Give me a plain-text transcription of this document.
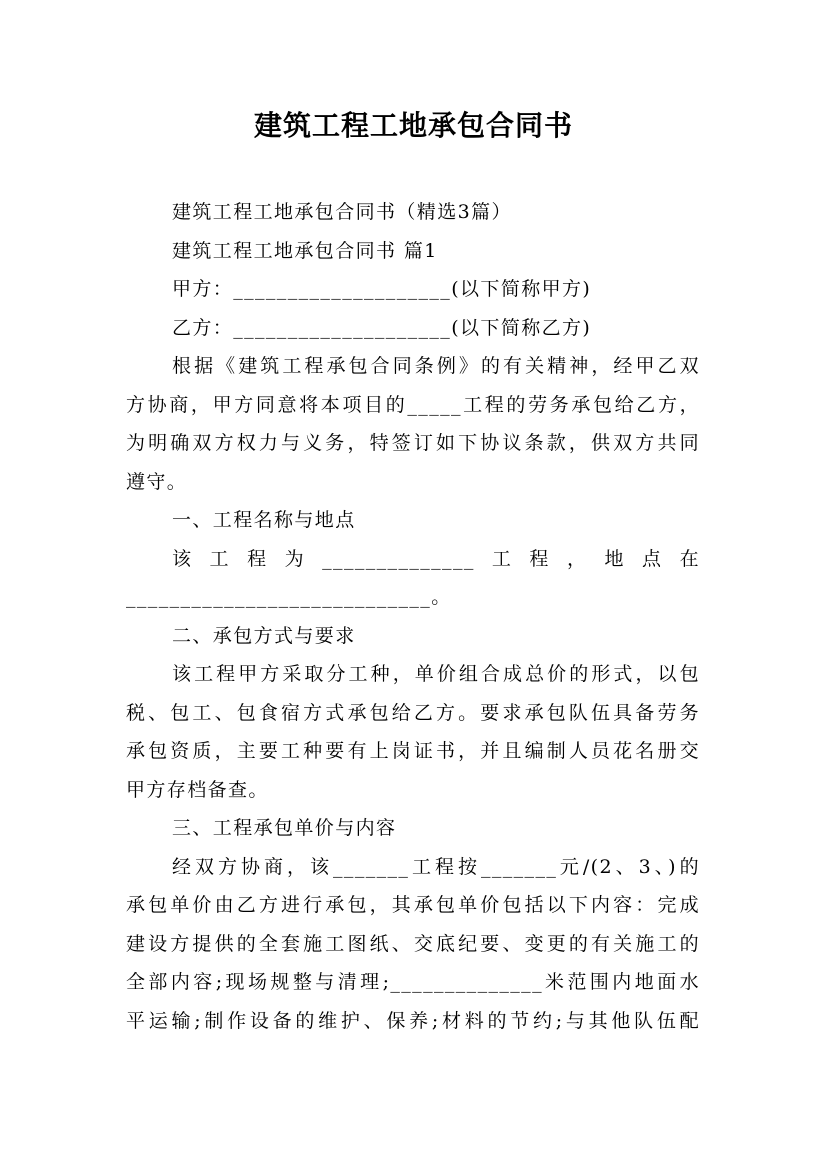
建筑工程工地承包合同书
建筑工程工地承包合同书（精选3篇）
建筑工程工地承包合同书 篇1
甲方：____________________(以下简称甲方)
乙方：____________________(以下简称乙方)
根据《建筑工程承包合同条例》的有关精神，经甲乙双
方协商，甲方同意将本项目的_____工程的劳务承包给乙方，
为明确双方权力与义务，特签订如下协议条款，供双方共同
遵守。
一、工程名称与地点
该工程为______________工程，地点在
____________________________。
二、承包方式与要求
该工程甲方采取分工种，单价组合成总价的形式，以包
税、包工、包食宿方式承包给乙方。要求承包队伍具备劳务
承包资质，主要工种要有上岗证书，并且编制人员花名册交
甲方存档备查。
三、工程承包单价与内容
经双方协商，该_______工程按_______元/(2、3、)的
承包单价由乙方进行承包，其承包单价包括以下内容：完成
建设方提供的全套施工图纸、交底纪要、变更的有关施工的
全部内容;现场规整与清理;______________米范围内地面水
平运输;制作设备的维护、保养;材料的节约;与其他队伍配
